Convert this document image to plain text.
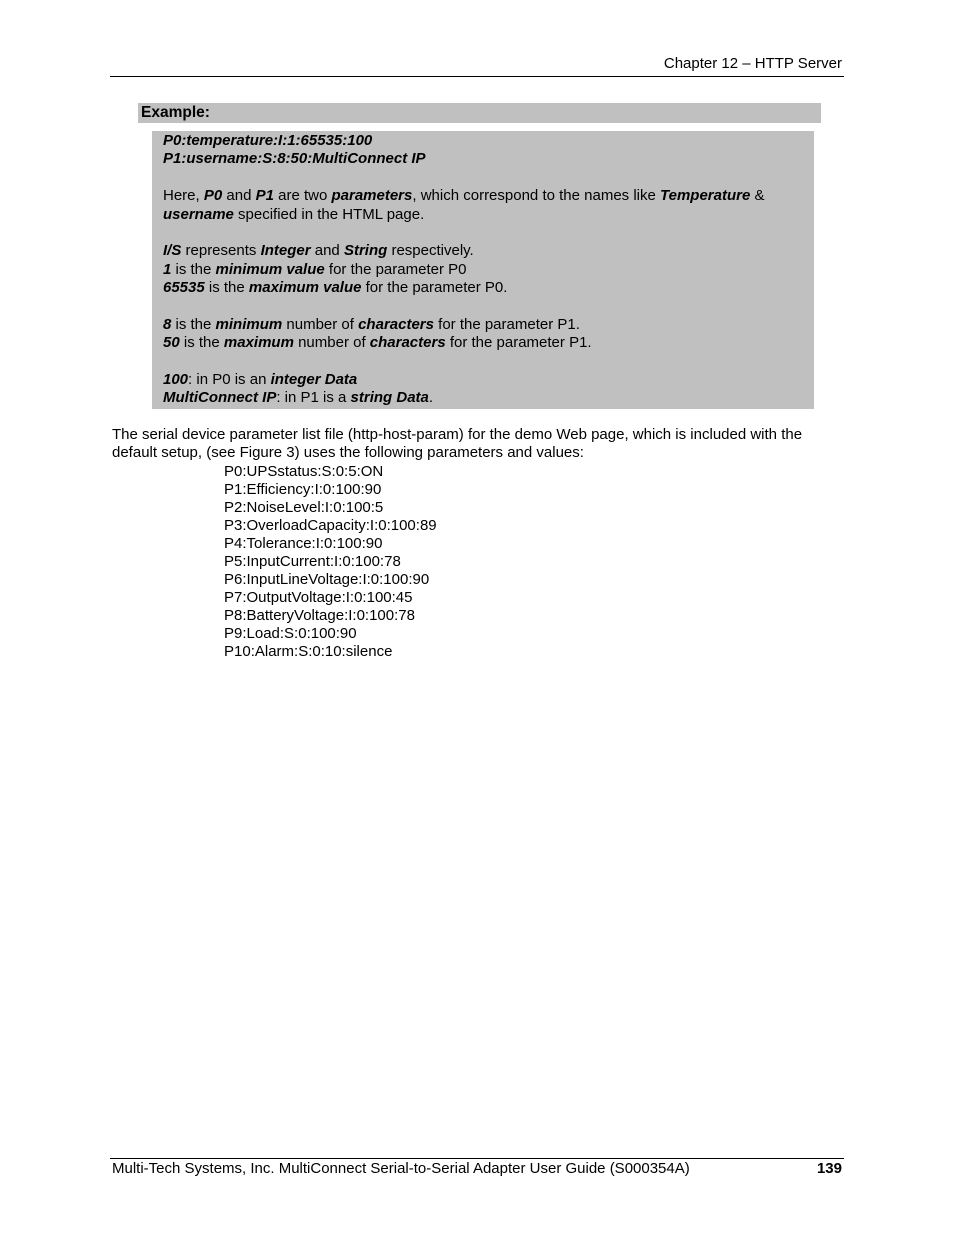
Chapter 12 – HTTP Server
Example:
P0:temperature:I:1:65535:100
P1:username:S:8:50:MultiConnect IP
Here, P0 and P1 are two parameters, which correspond to the names like Temperature &
username specified in the HTML page.
I/S represents Integer and String respectively.
1 is the minimum value for the parameter P0
65535 is the maximum value for the parameter P0.
8 is the minimum number of characters for the parameter P1.
50 is the maximum number of characters for the parameter P1.
100: in P0 is an integer Data
MultiConnect IP: in P1 is a string Data.
The serial device parameter list file (http-host-param) for the demo Web page, which is included with the
default setup, (see Figure 3) uses the following parameters and values:
P0:UPSstatus:S:0:5:ON
P1:Efficiency:I:0:100:90
P2:NoiseLevel:I:0:100:5
P3:OverloadCapacity:I:0:100:89
P4:Tolerance:I:0:100:90
P5:InputCurrent:I:0:100:78
P6:InputLineVoltage:I:0:100:90
P7:OutputVoltage:I:0:100:45
P8:BatteryVoltage:I:0:100:78
P9:Load:S:0:100:90
P10:Alarm:S:0:10:silence
Multi-Tech Systems, Inc. MultiConnect Serial-to-Serial Adapter User Guide (S000354A)	139
